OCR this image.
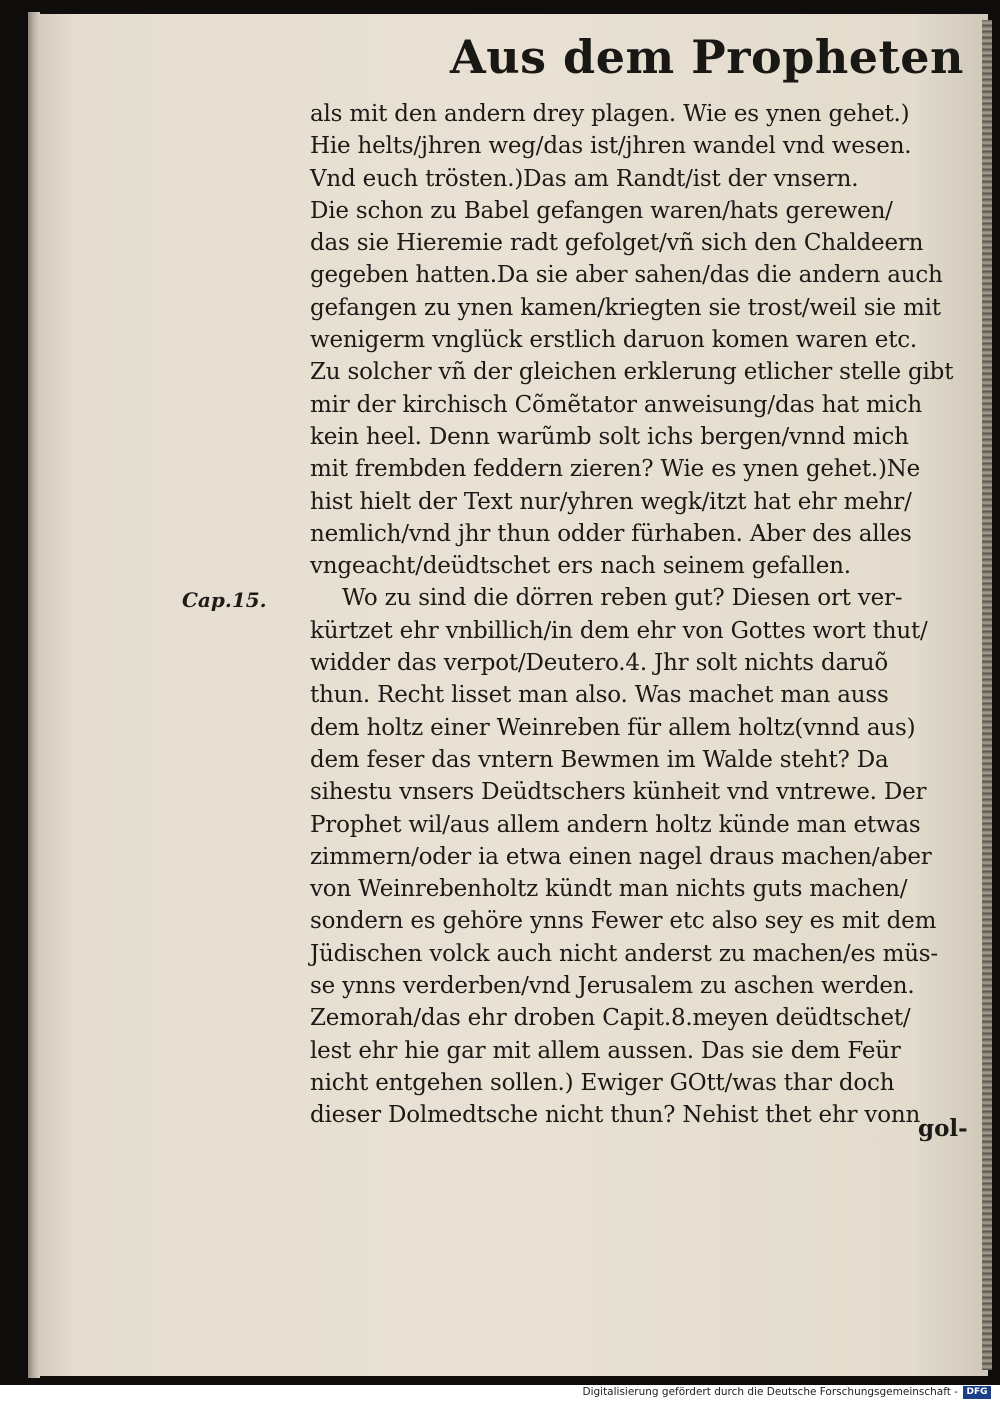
Aus dem Propheten
Cap.15.
als mit den andern drey plagen. Wie es ynen gehet.)
Hie helts/jhren weg/das ist/jhren wandel vnd wesen.
Vnd euch trösten.)Das am Randt/ist der vnsern.
Die schon zu Babel gefangen waren/hats gerewen/
das sie Hieremie radt gefolget/vñ sich den Chaldeern
gegeben hatten.Da sie aber sahen/das die andern auch
gefangen zu ynen kamen/kriegten sie trost/weil sie mit
wenigerm vnglück erstlich daruon komen waren etc.
Zu solcher vñ der gleichen erklerung etlicher stelle gibt
mir der kirchisch Cõmẽtator anweisung/das hat mich
kein heel. Denn warũmb solt ichs bergen/vnnd mich
mit frembden feddern zieren? Wie es ynen gehet.)Ne
hist hielt der Text nur/yhren wegk/itzt hat ehr mehr/
nemlich/vnd jhr thun odder fürhaben. Aber des alles
vngeacht/deüdtschet ers nach seinem gefallen.
Wo zu sind die dörren reben gut? Diesen ort ver-
kürtzet ehr vnbillich/in dem ehr von Gottes wort thut/
widder das verpot/Deutero.4. Jhr solt nichts daruõ
thun. Recht lisset man also. Was machet man auss
dem holtz einer Weinreben für allem holtz(vnnd aus)
dem feser das vntern Bewmen im Walde steht? Da
sihestu vnsers Deüdtschers künheit vnd vntrewe. Der
Prophet wil/aus allem andern holtz künde man etwas
zimmern/oder ia etwa einen nagel draus machen/aber
von Weinrebenholtz kündt man nichts guts machen/
sondern es gehöre ynns Fewer etc also sey es mit dem
Jüdischen volck auch nicht anderst zu machen/es müs-
se ynns verderben/vnd Jerusalem zu aschen werden.
Zemorah/das ehr droben Capit.8.meyen deüdtschet/
lest ehr hie gar mit allem aussen. Das sie dem Feür
nicht entgehen sollen.) Ewiger GOtt/was thar doch
dieser Dolmedtsche nicht thun? Nehist thet ehr vonn
gol-
Digitalisierung gefördert durch die Deutsche Forschungsgemeinschaft - DFG
